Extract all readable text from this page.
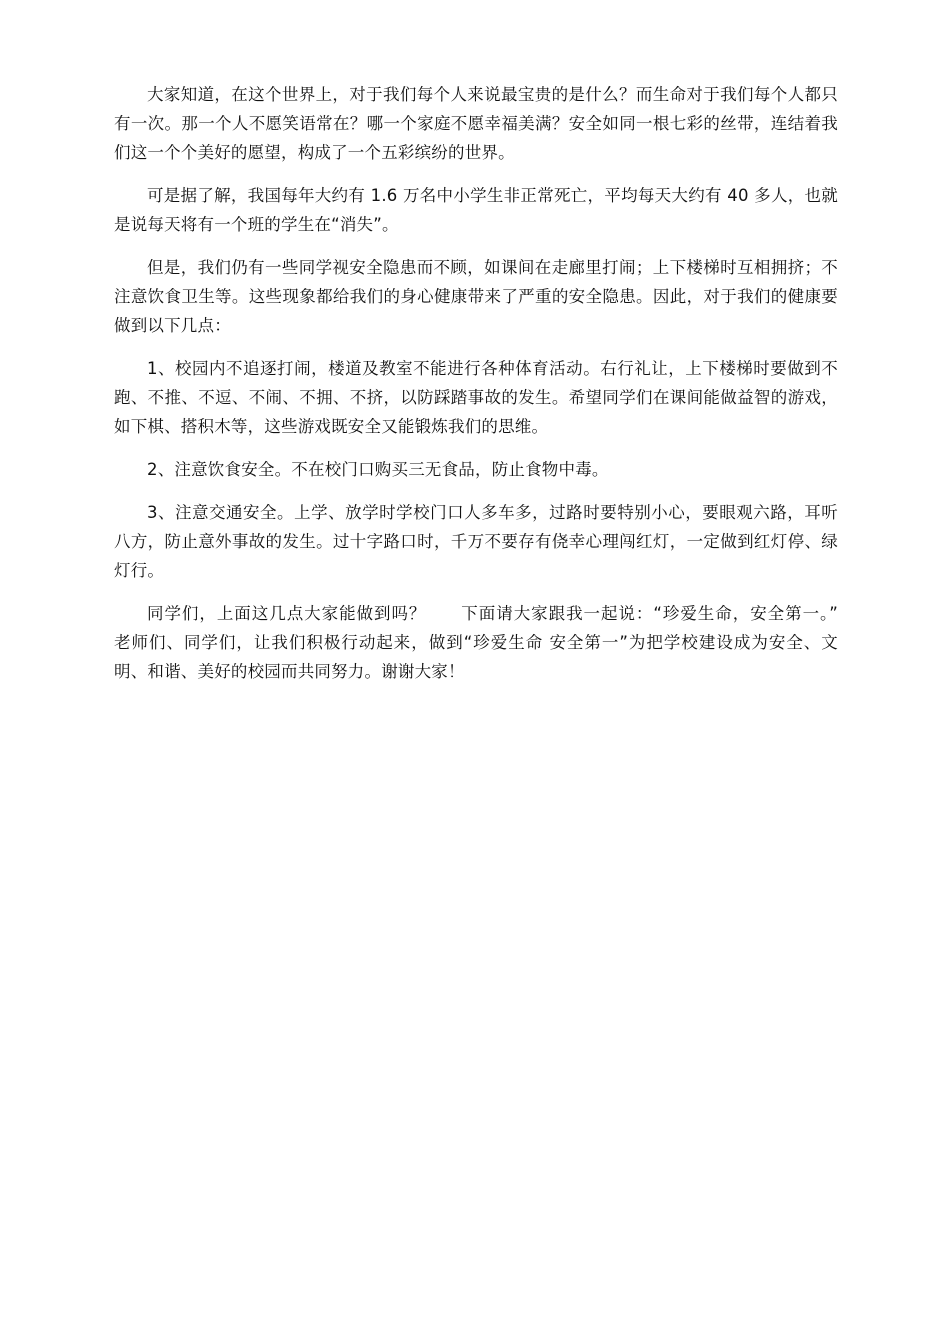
大家知道，在这个世界上，对于我们每个人来说最宝贵的是什么？而生命对于我们每个人都只有一次。那一个人不愿笑语常在？哪一个家庭不愿幸福美满？安全如同一根七彩的丝带，连结着我们这一个个美好的愿望，构成了一个五彩缤纷的世界。

可是据了解，我国每年大约有 1.6 万名中小学生非正常死亡，平均每天大约有 40 多人，也就是说每天将有一个班的学生在“消失”。

但是，我们仍有一些同学视安全隐患而不顾，如课间在走廊里打闹；上下楼梯时互相拥挤；不注意饮食卫生等。这些现象都给我们的身心健康带来了严重的安全隐患。因此，对于我们的健康要做到以下几点：

1、校园内不追逐打闹，楼道及教室不能进行各种体育活动。右行礼让，上下楼梯时要做到不跑、不推、不逗、不闹、不拥、不挤，以防踩踏事故的发生。希望同学们在课间能做益智的游戏，如下棋、搭积木等，这些游戏既安全又能锻炼我们的思维。

2、注意饮食安全。不在校门口购买三无食品，防止食物中毒。

3、注意交通安全。上学、放学时学校门口人多车多，过路时要特别小心，要眼观六路，耳听八方，防止意外事故的发生。过十字路口时，千万不要存有侥幸心理闯红灯，一定做到红灯停、绿灯行。

同学们，上面这几点大家能做到吗？　　下面请大家跟我一起说：“珍爱生命，安全第一。”　　　老师们、同学们，让我们积极行动起来，做到“珍爱生命 安全第一”为把学校建设成为安全、文明、和谐、美好的校园而共同努力。谢谢大家！
